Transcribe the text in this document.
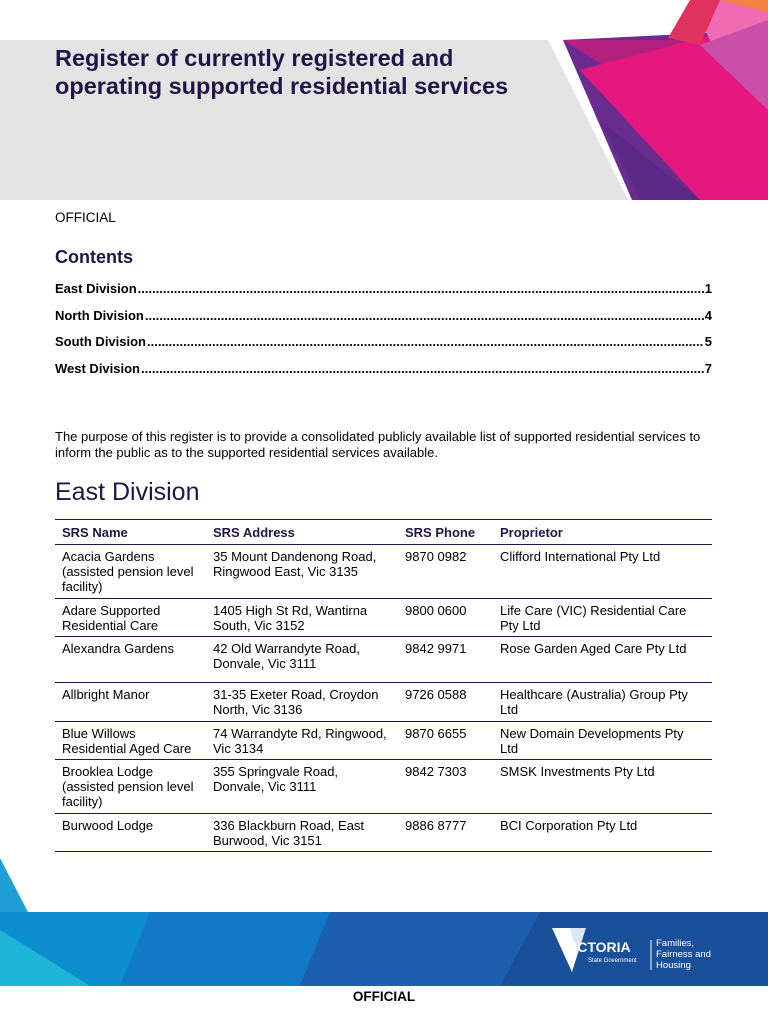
Register of currently registered and operating supported residential services
OFFICIAL
Contents
East Division .....	1
North Division .....	4
South Division .....	5
West Division .....	7

The purpose of this register is to provide a consolidated publicly available list of supported residential services to inform the public as to the supported residential services available.

East Division
SRS Name	SRS Address	SRS Phone	Proprietor
Acacia Gardens (assisted pension level facility)	35 Mount Dandenong Road, Ringwood East, Vic 3135	9870 0982	Clifford International Pty Ltd
Adare Supported Residential Care	1405 High St Rd, Wantirna South, Vic 3152	9800 0600	Life Care (VIC) Residential Care Pty Ltd
Alexandra Gardens	42 Old Warrandyte Road, Donvale, Vic 3111	9842 9971	Rose Garden Aged Care Pty Ltd
Allbright Manor	31-35 Exeter Road, Croydon North, Vic 3136	9726 0588	Healthcare (Australia) Group Pty Ltd
Blue Willows Residential Aged Care	74 Warrandyte Rd, Ringwood, Vic 3134	9870 6655	New Domain Developments Pty Ltd
Brooklea Lodge (assisted pension level facility)	355 Springvale Road, Donvale, Vic 3111	9842 7303	SMSK Investments Pty Ltd
Burwood Lodge	336 Blackburn Road, East Burwood, Vic 3151	9886 8777	BCI Corporation Pty Ltd
VICTORIA
State Government
Families, Fairness and Housing
OFFICIAL
